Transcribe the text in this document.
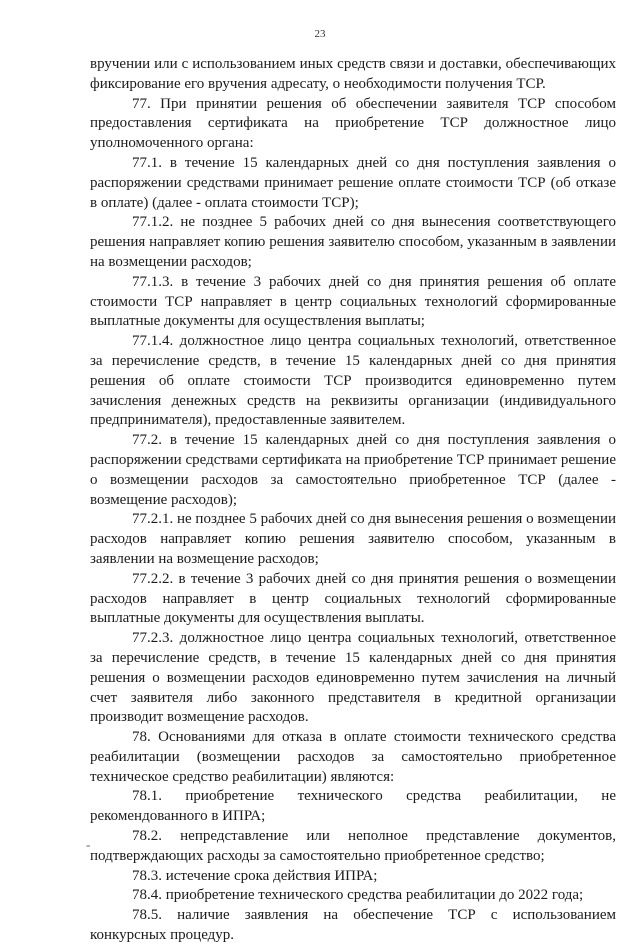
23

вручении или с использованием иных средств связи и доставки, обеспечивающих фиксирование его вручения адресату, о необходимости получения ТСР.

77. При принятии решения об обеспечении заявителя ТСР способом предоставления сертификата на приобретение ТСР должностное лицо уполномоченного органа:

77.1. в течение 15 календарных дней со дня поступления заявления о распоряжении средствами принимает решение оплате стоимости ТСР (об отказе в оплате) (далее - оплата стоимости ТСР);

77.1.2. не позднее 5 рабочих дней со дня вынесения соответствующего решения направляет копию решения заявителю способом, указанным в заявлении на возмещении расходов;

77.1.3. в течение 3 рабочих дней со дня принятия решения об оплате стоимости ТСР направляет в центр социальных технологий сформированные выплатные документы для осуществления выплаты;

77.1.4. должностное лицо центра социальных технологий, ответственное за перечисление средств, в течение 15 календарных дней со дня принятия решения об оплате стоимости ТСР производится единовременно путем зачисления денежных средств на реквизиты организации (индивидуального предпринимателя), предоставленные заявителем.

77.2. в течение 15 календарных дней со дня поступления заявления о распоряжении средствами сертификата на приобретение ТСР принимает решение о возмещении расходов за самостоятельно приобретенное ТСР (далее - возмещение расходов);

77.2.1. не позднее 5 рабочих дней со дня вынесения решения о возмещении расходов направляет копию решения заявителю способом, указанным в заявлении на возмещение расходов;

77.2.2. в течение 3 рабочих дней со дня принятия решения о возмещении расходов направляет в центр социальных технологий сформированные выплатные документы для осуществления выплаты.

77.2.3. должностное лицо центра социальных технологий, ответственное за перечисление средств, в течение 15 календарных дней со дня принятия решения о возмещении расходов единовременно путем зачисления на личный счет заявителя либо законного представителя в кредитной организации производит возмещение расходов.

78. Основаниями для отказа в оплате стоимости технического средства реабилитации (возмещении расходов за самостоятельно приобретенное техническое средство реабилитации) являются:

78.1. приобретение технического средства реабилитации, не рекомендованного в ИПРА;

78.2. непредставление или неполное представление документов, подтверждающих расходы за самостоятельно приобретенное средство;

78.3. истечение срока действия ИПРА;

78.4. приобретение технического средства реабилитации до 2022 года;

78.5. наличие заявления на обеспечение ТСР с использованием конкурсных процедур.

-
